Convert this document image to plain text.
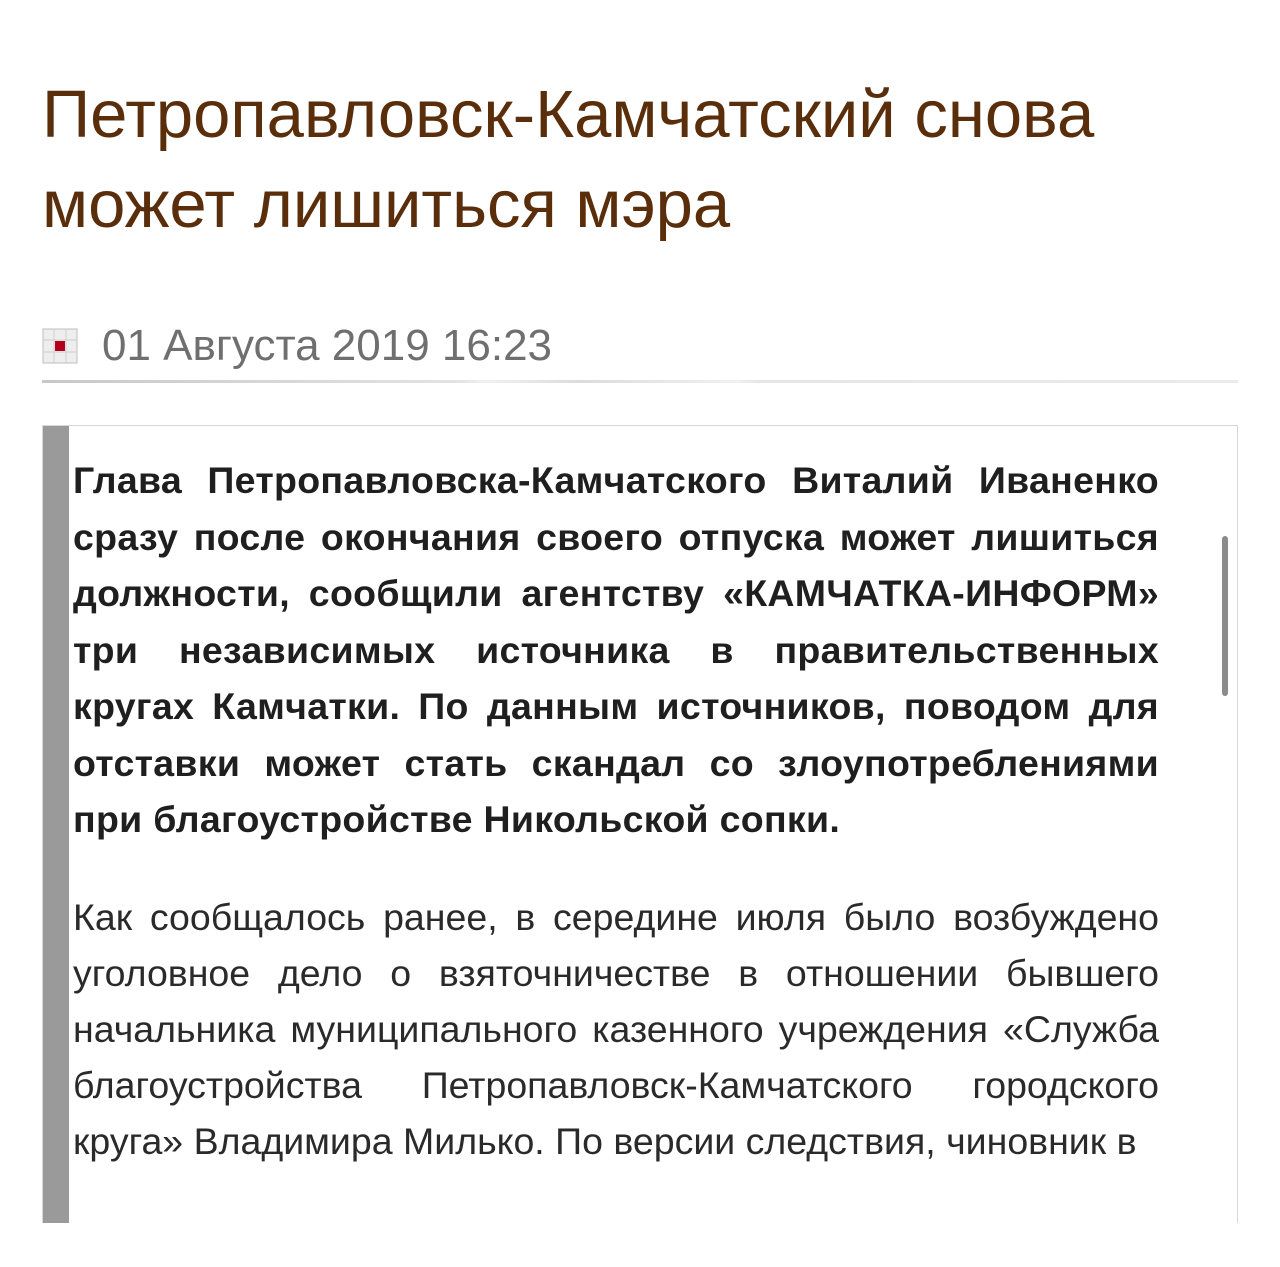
Петропавловск-Камчатский снова
может лишиться мэра
01 Августа 2019 16:23

Глава Петропавловска-Камчатского Виталий Иваненко сразу после окончания своего отпуска может лишиться должности, сообщили агентству «КАМЧАТКА-ИНФОРМ» три независимых источника в правительственных кругах Камчатки. По данным источников, поводом для отставки может стать скандал со злоупотреблениями при благоустройстве Никольской сопки.

Как сообщалось ранее, в середине июля было возбуждено уголовное дело о взяточничестве в отношении бывшего начальника муниципального казенного учреждения «Служба благоустройства Петропавловск-Камчатского городского круга» Владимира Милько. По версии следствия, чиновник в
